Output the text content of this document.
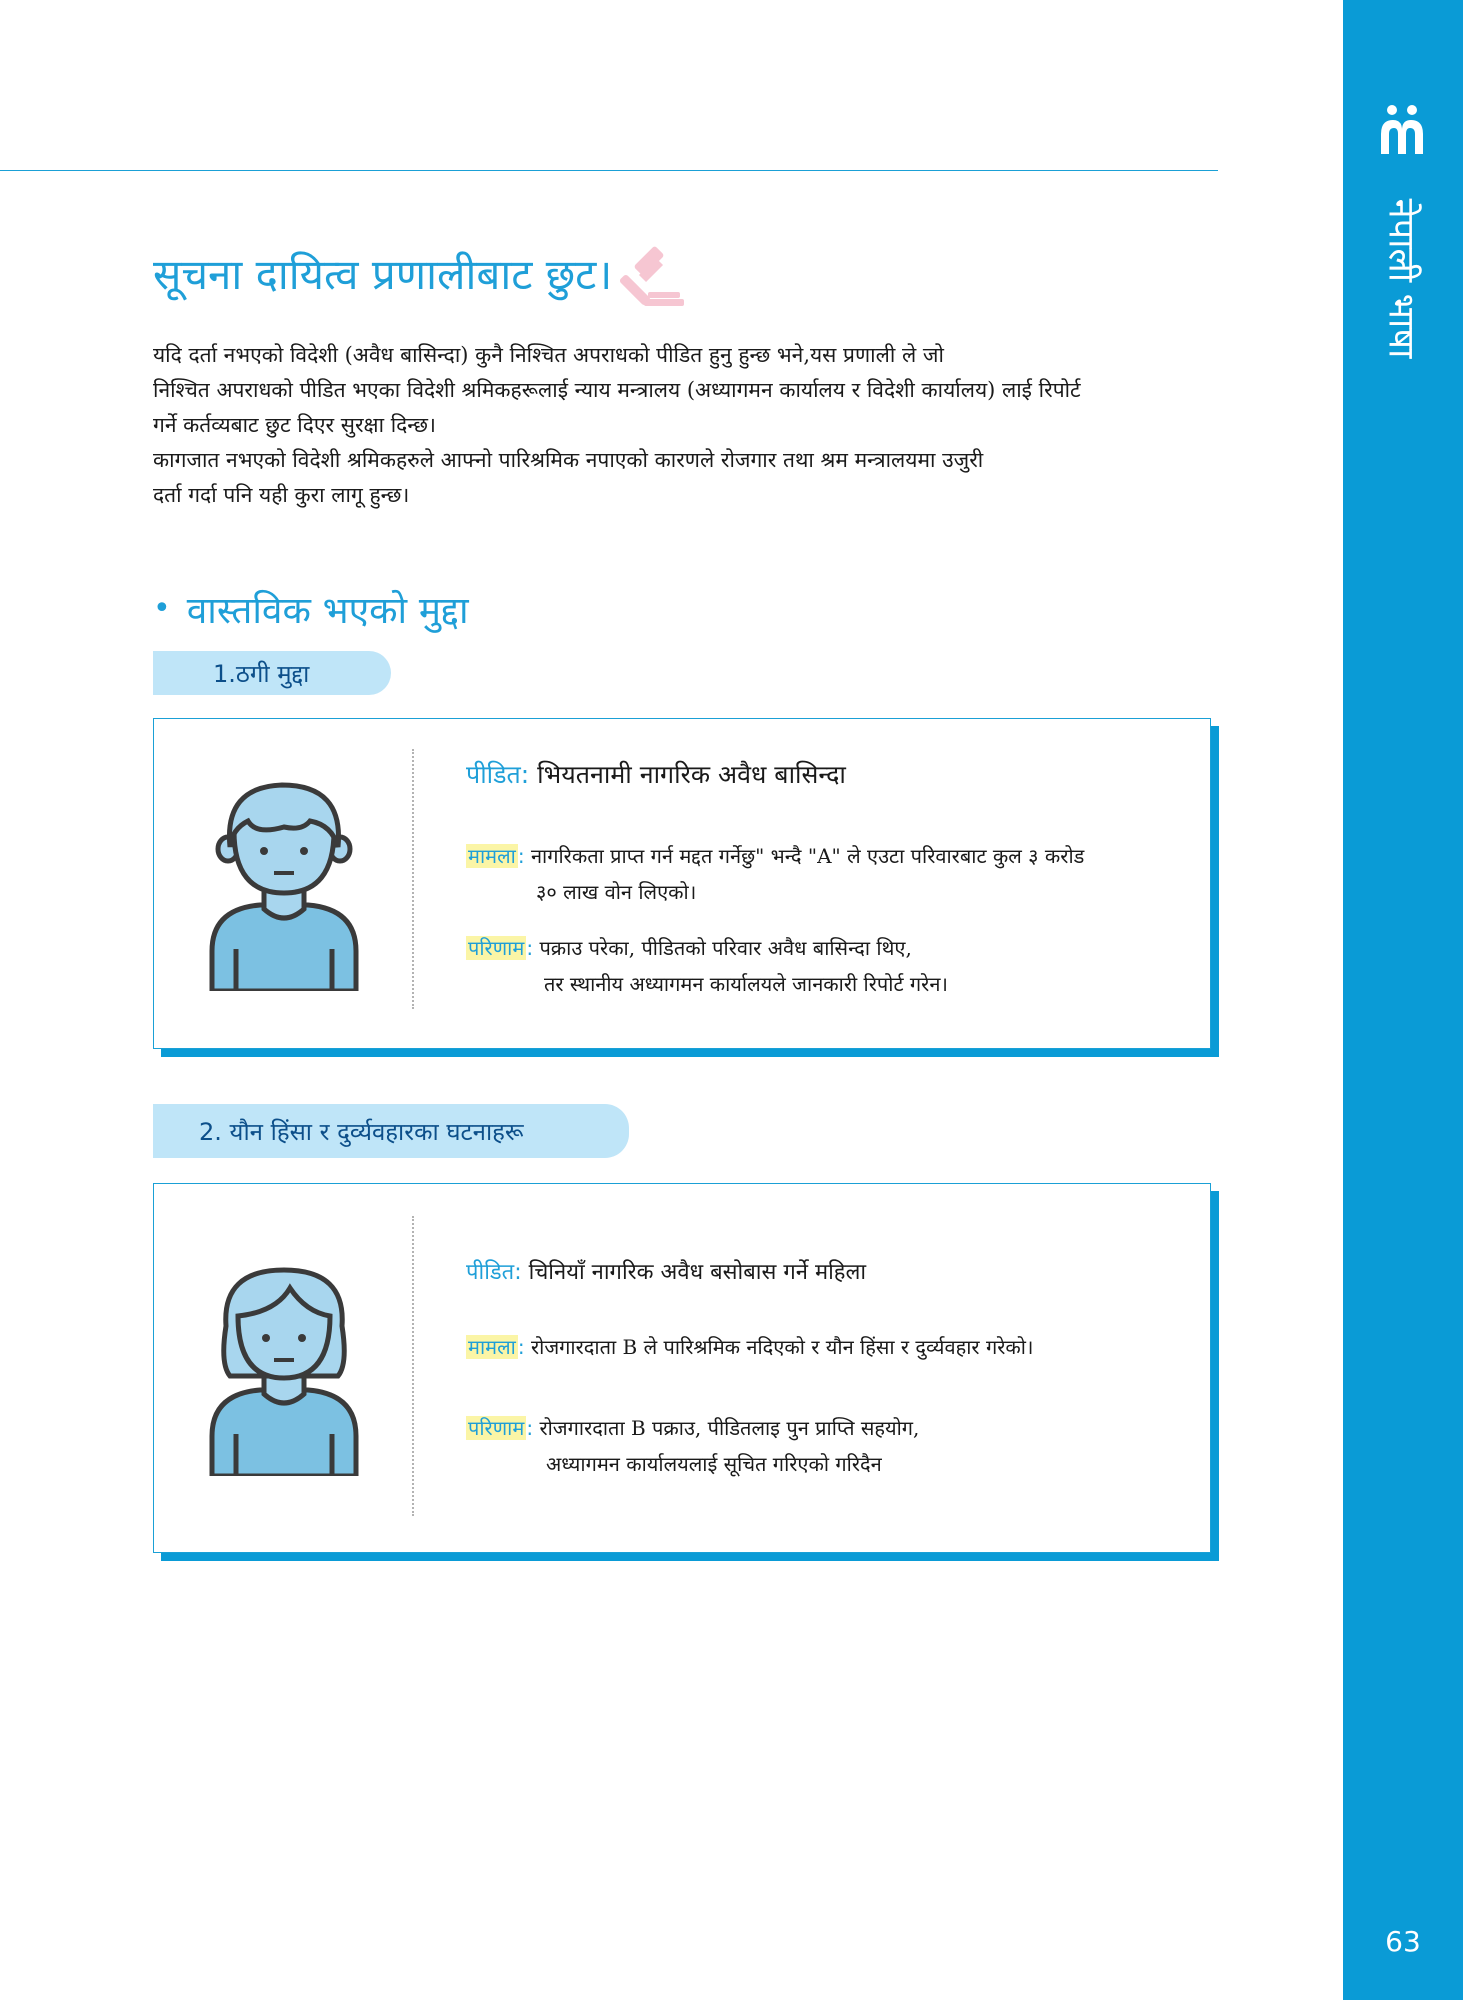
नेपाली भाषा
63
सूचना दायित्व प्रणालीबाट छुट।

यदि दर्ता नभएको विदेशी (अवैध बासिन्दा) कुनै निश्चित अपराधको पीडित हुनु हुन्छ भने,यस प्रणाली ले जो

निश्चित अपराधको पीडित भएका विदेशी श्रमिकहरूलाई न्याय मन्त्रालय (अध्यागमन कार्यालय र विदेशी कार्यालय) लाई रिपोर्ट

गर्ने कर्तव्यबाट छुट दिएर सुरक्षा दिन्छ।

कागजात नभएको विदेशी श्रमिकहरुले आफ्नो पारिश्रमिक नपाएको कारणले रोजगार तथा श्रम मन्त्रालयमा उजुरी

दर्ता गर्दा पनि यही कुरा लागू हुन्छ।

• वास्तविक भएको मुद्दा
1.ठगी मुद्दा
पीडित: भियतनामी नागरिक अवैध बासिन्दा
मामला : नागरिकता प्राप्त गर्न मद्दत गर्नेछु" भन्दै "A" ले एउटा परिवारबाट कुल ३ करोड
३० लाख वोन लिएको।
परिणाम : पक्राउ परेका, पीडितको परिवार अवैध बासिन्दा थिए,
तर स्थानीय अध्यागमन कार्यालयले जानकारी रिपोर्ट गरेन।
2. यौन हिंसा र दुर्व्यवहारका घटनाहरू
पीडित: चिनियाँ नागरिक अवैध बसोबास गर्ने महिला
मामला : रोजगारदाता B ले पारिश्रमिक नदिएको र यौन हिंसा र दुर्व्यवहार गरेको।
परिणाम : रोजगारदाता B पक्राउ, पीडितलाइ पुन प्राप्ति सहयोग,
अध्यागमन कार्यालयलाई सूचित गरिएको गरिदैन
